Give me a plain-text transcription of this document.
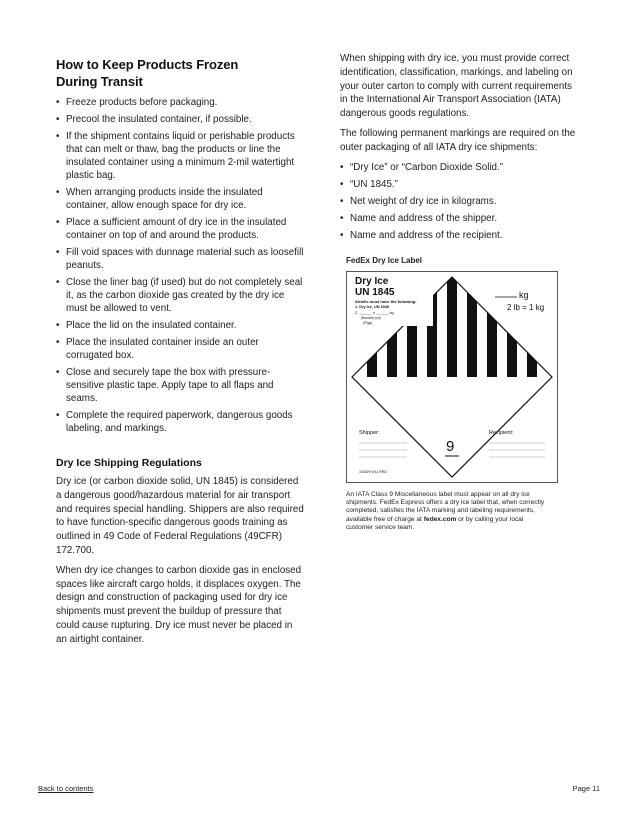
How to Keep Products Frozen
During Transit
• Freeze products before packaging.
• Precool the insulated container, if possible.
• If the shipment contains liquid or perishable products that can melt or thaw, bag the products or line the insulated container using a minimum 2-mil watertight plastic bag.
• When arranging products inside the insulated container, allow enough space for dry ice.
• Place a sufficient amount of dry ice in the insulated container on top of and around the products.
• Fill void spaces with dunnage material such as loosefill peanuts.
• Close the liner bag (if used) but do not completely seal it, as the carbon dioxide gas created by the dry ice must be allowed to vent.
• Place the lid on the insulated container.
• Place the insulated container inside an outer corrugated box.
• Close and securely tape the box with pressure-sensitive plastic tape. Apply tape to all flaps and seams.
• Complete the required paperwork, dangerous goods labeling, and markings.
Dry Ice Shipping Regulations

Dry ice (or carbon dioxide solid, UN 1845) is considered a dangerous good/hazardous material for air transport and requires special handling. Shippers are also required to have function-specific dangerous goods training as outlined in 49 Code of Federal Regulations (49CFR) 172.700.

When dry ice changes to carbon dioxide gas in enclosed spaces like aircraft cargo holds, it displaces oxygen. The design and construction of packaging used for dry ice shipments must prevent the buildup of pressure that could cause rupturing. Dry ice must never be placed in an airtight container.

When shipping with dry ice, you must provide correct identification, classification, markings, and labeling on your outer carton to comply with current requirements in the International Air Transport Association (IATA) dangerous goods regulations.

The following permanent markings are required on the outer packaging of all IATA dry ice shipments:

• “Dry Ice” or “Carbon Dioxide Solid.”
• “UN 1845.”
• Net weight of dry ice in kilograms.
• Name and address of the shipper.
• Name and address of the recipient.
FedEx Dry Ice Label
Dry Ice
UN 1845
Airbills must have the following:
1. Dry Ice, UN 1845
2. ______ x ______ kg
(Number) (wt)
(Pkgs)
kg
2 lb = 1 kg
Shipper:	Recipient:
9
104029 9/11 RRD
An IATA Class 9 Miscellaneous label must appear on all dry ice shipments. FedEx Express offers a dry ice label that, when correctly completed, satisfies the IATA marking and labeling requirements, available free of charge at fedex.com or by calling your local customer service team.
Back to contents	Page 11
